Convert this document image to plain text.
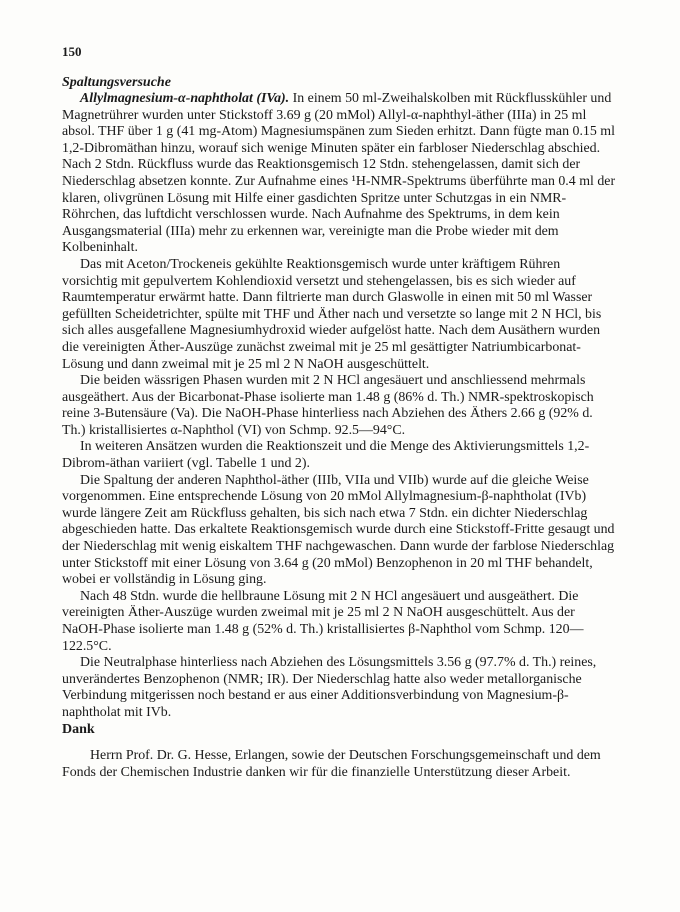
150
Spaltungsversuche

Allylmagnesium-α-naphtholat (IVa). In einem 50 ml-Zweihalskolben mit Rückflusskühler und Magnetrührer wurden unter Stickstoff 3.69 g (20 mMol) Allyl-α-naphthyl-äther (IIIa) in 25 ml absol. THF über 1 g (41 mg-Atom) Magnesiumspänen zum Sieden erhitzt. Dann fügte man 0.15 ml 1,2-Dibromäthan hinzu, worauf sich wenige Minuten später ein farbloser Niederschlag abschied. Nach 2 Stdn. Rückfluss wurde das Reaktionsgemisch 12 Stdn. stehengelassen, damit sich der Niederschlag absetzen konnte. Zur Aufnahme eines ¹H-NMR-Spektrums überführte man 0.4 ml der klaren, olivgrünen Lösung mit Hilfe einer gasdichten Spritze unter Schutzgas in ein NMR-Röhrchen, das luftdicht verschlossen wurde. Nach Aufnahme des Spektrums, in dem kein Ausgangsmaterial (IIIa) mehr zu erkennen war, vereinigte man die Probe wieder mit dem Kolbeninhalt.

Das mit Aceton/Trockeneis gekühlte Reaktionsgemisch wurde unter kräftigem Rühren vorsichtig mit gepulvertem Kohlendioxid versetzt und stehengelassen, bis es sich wieder auf Raumtemperatur erwärmt hatte. Dann filtrierte man durch Glaswolle in einen mit 50 ml Wasser gefüllten Scheidetrichter, spülte mit THF und Äther nach und versetzte so lange mit 2 N HCl, bis sich alles ausgefallene Magnesiumhydroxid wieder aufgelöst hatte. Nach dem Ausäthern wurden die vereinigten Äther-Auszüge zunächst zweimal mit je 25 ml gesättigter Natriumbicarbonat-Lösung und dann zweimal mit je 25 ml 2 N NaOH ausgeschüttelt.

Die beiden wässrigen Phasen wurden mit 2 N HCl angesäuert und anschliessend mehrmals ausgeäthert. Aus der Bicarbonat-Phase isolierte man 1.48 g (86% d. Th.) NMR-spektroskopisch reine 3-Butensäure (Va). Die NaOH-Phase hinterliess nach Abziehen des Äthers 2.66 g (92% d. Th.) kristallisiertes α-Naphthol (VI) von Schmp. 92.5—94°C.

In weiteren Ansätzen wurden die Reaktionszeit und die Menge des Aktivierungsmittels 1,2-Dibrom-äthan variiert (vgl. Tabelle 1 und 2).

Die Spaltung der anderen Naphthol-äther (IIIb, VIIa und VIIb) wurde auf die gleiche Weise vorgenommen. Eine entsprechende Lösung von 20 mMol Allylmagnesium-β-naphtholat (IVb) wurde längere Zeit am Rückfluss gehalten, bis sich nach etwa 7 Stdn. ein dichter Niederschlag abgeschieden hatte. Das erkaltete Reaktionsgemisch wurde durch eine Stickstoff-Fritte gesaugt und der Niederschlag mit wenig eiskaltem THF nachgewaschen. Dann wurde der farblose Niederschlag unter Stickstoff mit einer Lösung von 3.64 g (20 mMol) Benzophenon in 20 ml THF behandelt, wobei er vollständig in Lösung ging.

Nach 48 Stdn. wurde die hellbraune Lösung mit 2 N HCl angesäuert und ausgeäthert. Die vereinigten Äther-Auszüge wurden zweimal mit je 25 ml 2 N NaOH ausgeschüttelt. Aus der NaOH-Phase isolierte man 1.48 g (52% d. Th.) kristallisiertes β-Naphthol vom Schmp. 120—122.5°C.

Die Neutralphase hinterliess nach Abziehen des Lösungsmittels 3.56 g (97.7% d. Th.) reines, unverändertes Benzophenon (NMR; IR). Der Niederschlag hatte also weder metallorganische Verbindung mitgerissen noch bestand er aus einer Additionsverbindung von Magnesium-β-naphtholat mit IVb.

Dank

Herrn Prof. Dr. G. Hesse, Erlangen, sowie der Deutschen Forschungsgemeinschaft und dem Fonds der Chemischen Industrie danken wir für die finanzielle Unterstützung dieser Arbeit.
